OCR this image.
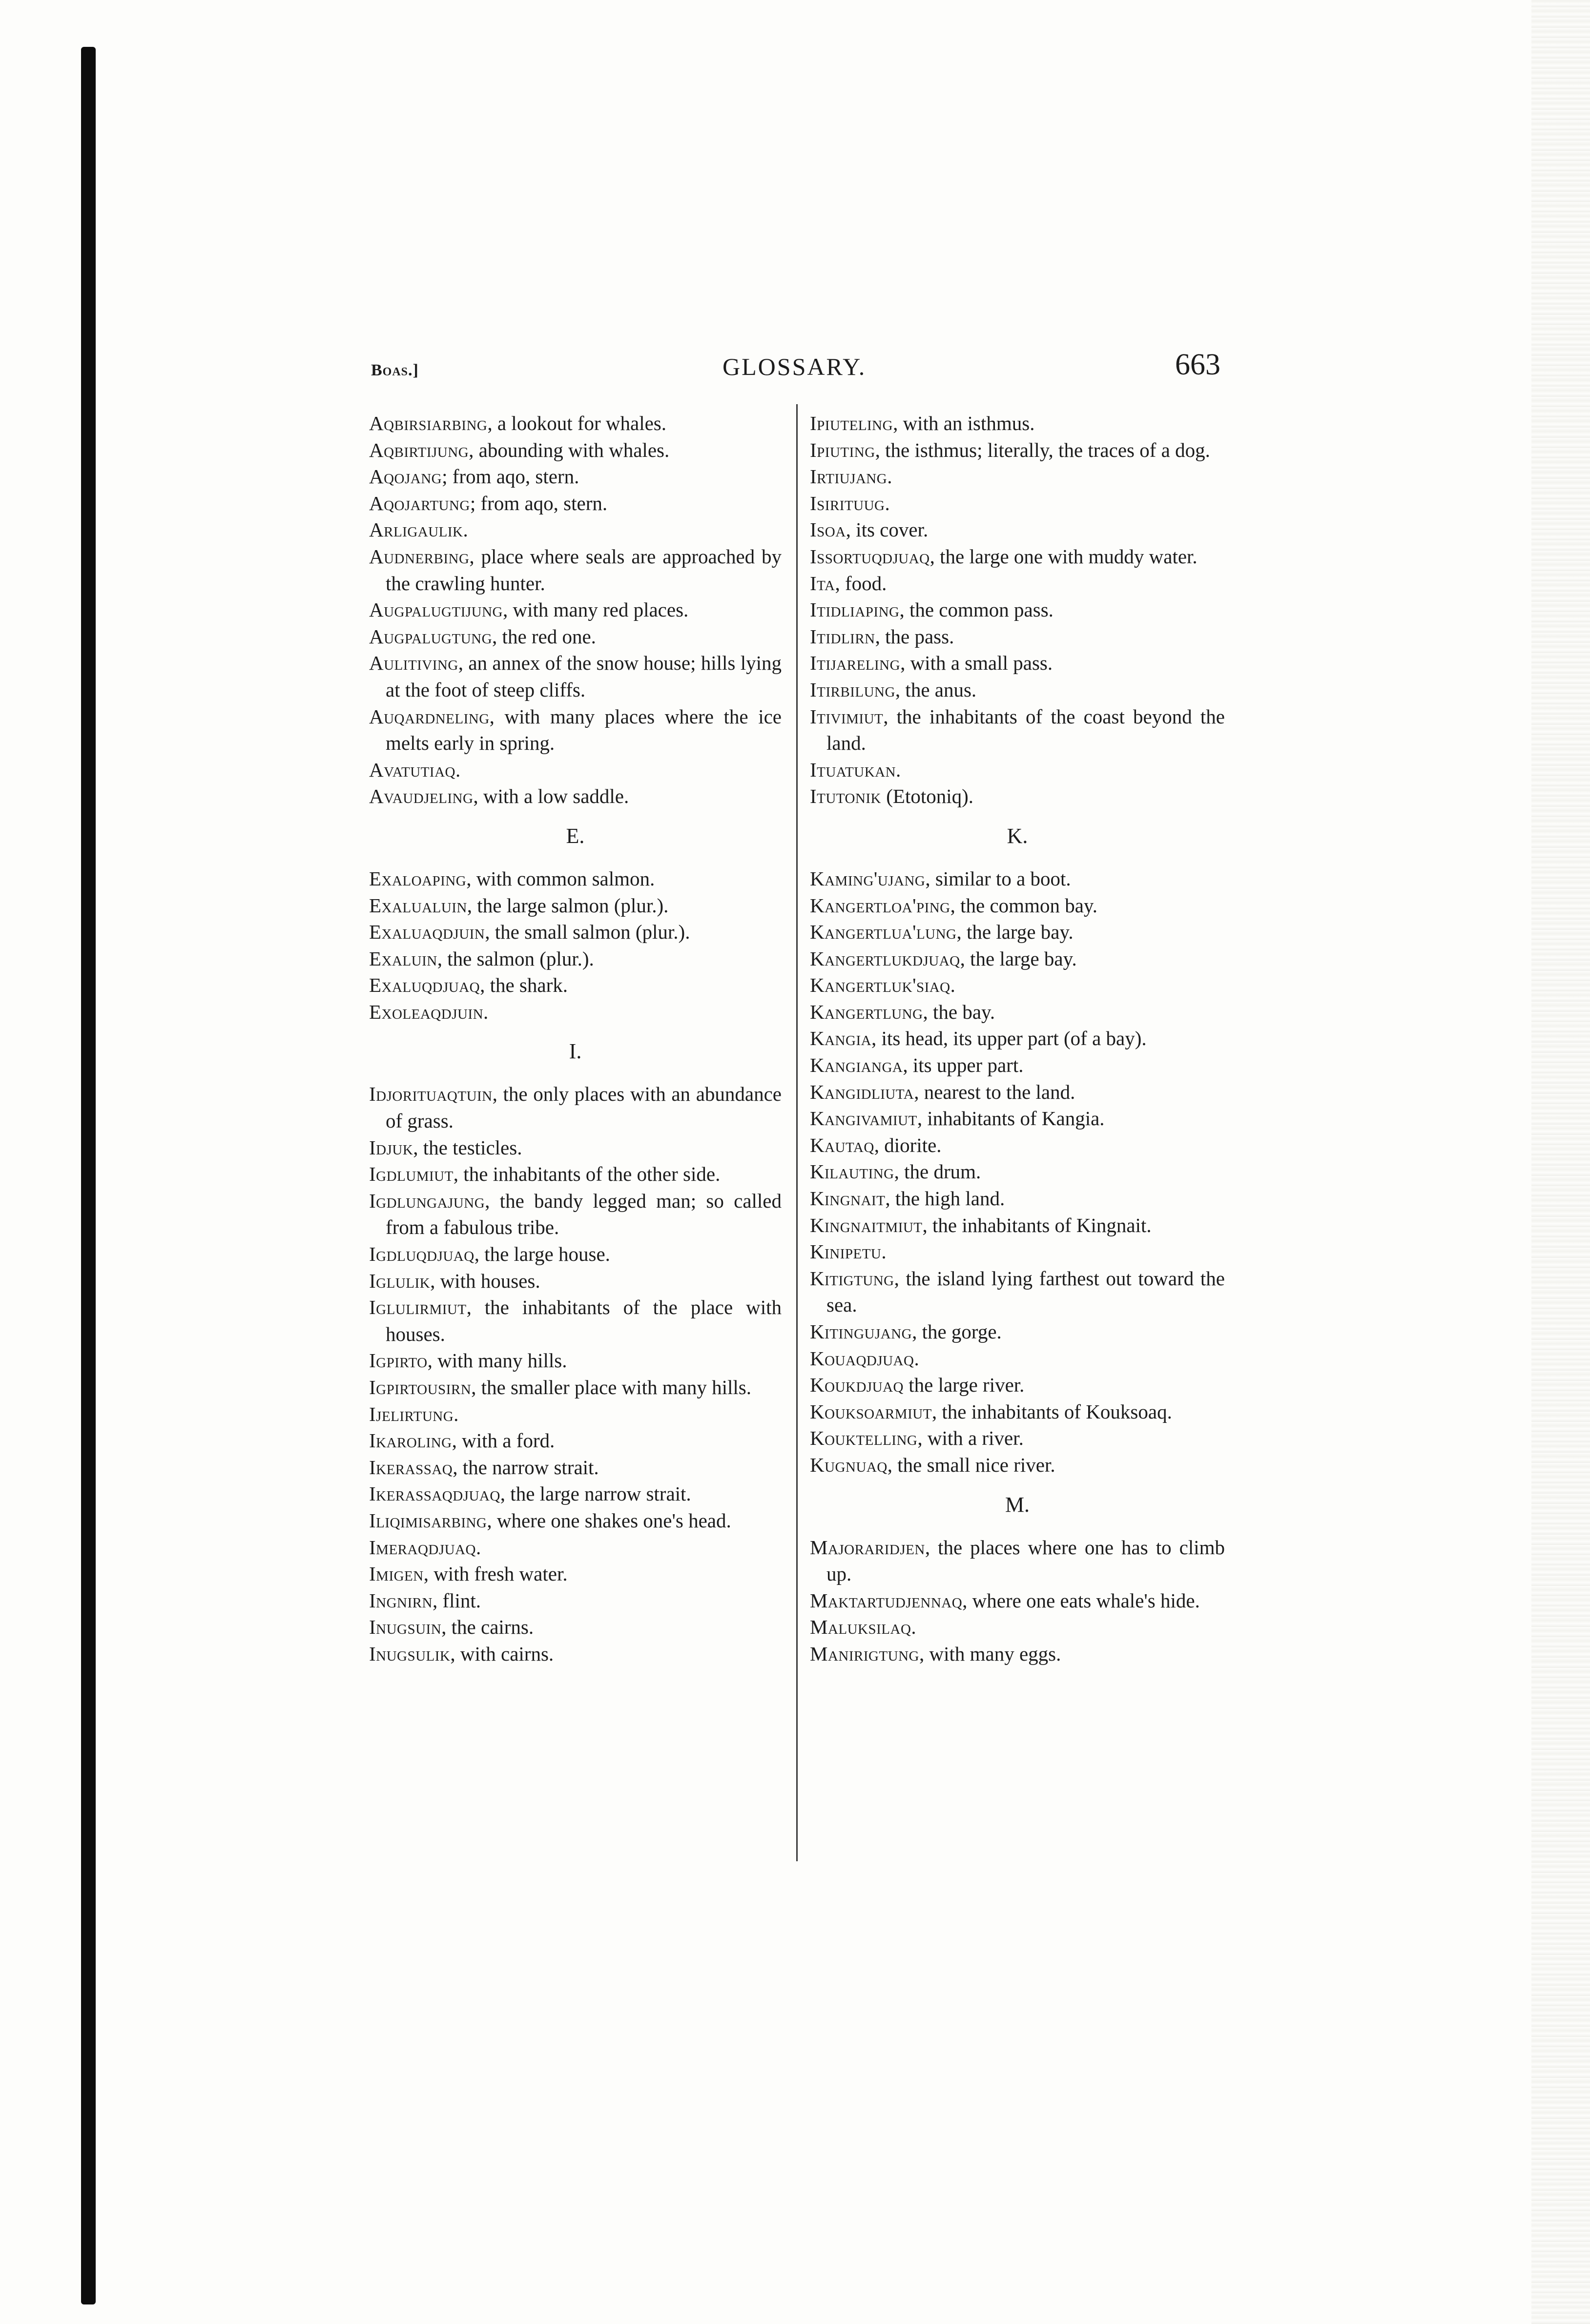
Boas.]	GLOSSARY.	663
Aqbirsiarbing, a lookout for whales.
Aqbirtijung, abounding with whales.
Aqojang; from aqo, stern.
Aqojartung; from aqo, stern.
Arligaulik.
Audnerbing, place where seals are approached by the crawling hunter.
Augpalugtijung, with many red places.
Augpalugtung, the red one.
Aulitiving, an annex of the snow house; hills lying at the foot of steep cliffs.
Auqardneling, with many places where the ice melts early in spring.
Avatutiaq.
Avaudjeling, with a low saddle.
E.
Eχaloaping, with common salmon.
Eχalualuin, the large salmon (plur.).
Eχaluaqdjuin, the small salmon (plur.).
Eχaluin, the salmon (plur.).
Eχaluqdjuaq, the shark.
Eχoleaqdjuin.
I.
Idjorituaqtuin, the only places with an abundance of grass.
Idjuk, the testicles.
Igdlumiut, the inhabitants of the other side.
Igdlungajung, the bandy legged man; so called from a fabulous tribe.
Igdluqdjuaq, the large house.
Iglulik, with houses.
Iglulirmiut, the inhabitants of the place with houses.
Igpirto, with many hills.
Igpirtousirn, the smaller place with many hills.
Ijelirtung.
Ikaroling, with a ford.
Ikerassaq, the narrow strait.
Ikerassaqdjuaq, the large narrow strait.
Iliqimisarbing, where one shakes one's head.
Imeraqdjuaq.
Imigen, with fresh water.
Ingnirn, flint.
Inugsuin, the cairns.
Inugsulik, with cairns.
Ipiuteling, with an isthmus.
Ipiuting, the isthmus; literally, the traces of a dog.
Irtiujang.
Isirituug.
Isoa, its cover.
Issortuqdjuaq, the large one with muddy water.
Ita, food.
Itidliaping, the common pass.
Itidlirn, the pass.
Itijareling, with a small pass.
Itirbilung, the anus.
Itivimiut, the inhabitants of the coast beyond the land.
Ituatukan.
Itutonik (Etotoniq).
K.
Kaming'ujang, similar to a boot.
Kangertloa'ping, the common bay.
Kangertlua'lung, the large bay.
Kangertlukdjuaq, the large bay.
Kangertluk'siaq.
Kangertlung, the bay.
Kangia, its head, its upper part (of a bay).
Kangianga, its upper part.
Kangidliuta, nearest to the land.
Kangivamiut, inhabitants of Kangia.
Kautaq, diorite.
Kilauting, the drum.
Kingnait, the high land.
Kingnaitmiut, the inhabitants of Kingnait.
Kinipetu.
Kitigtung, the island lying farthest out toward the sea.
Kitingujang, the gorge.
Kouaqdjuaq.
Koukdjuaq the large river.
Kouksoarmiut, the inhabitants of Kouksoaq.
Kouktelling, with a river.
Kugnuaq, the small nice river.
M.
Majoraridjen, the places where one has to climb up.
Maktartudjennaq, where one eats whale's hide.
Maluksilaq.
Manirigtung, with many eggs.
